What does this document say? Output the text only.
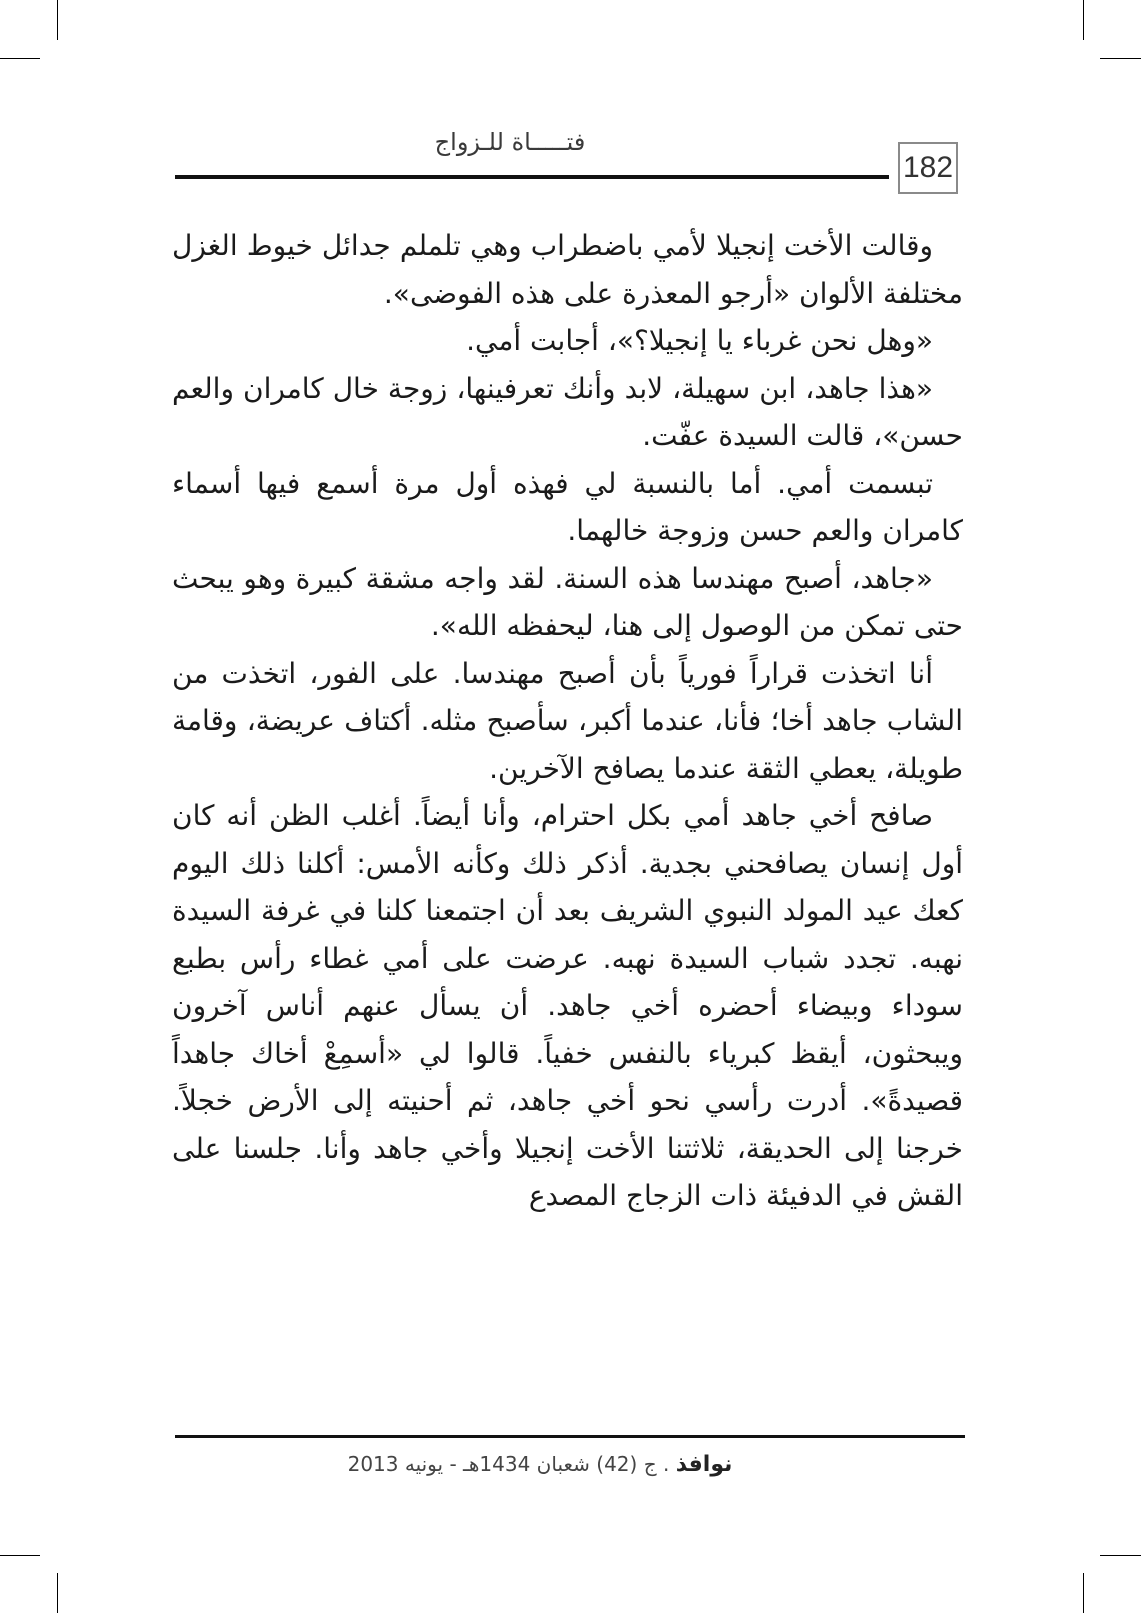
فتـــــاة للـزواج
182

وقالت الأخت إنجيلا لأمي باضطراب وهي تلملم جدائل خيوط الغزل مختلفة الألوان «أرجو المعذرة على هذه الفوضى».

«وهل نحن غرباء يا إنجيلا؟»، أجابت أمي.

«هذا جاهد، ابن سهيلة، لابد وأنك تعرفينها، زوجة خال كامران والعم حسن»، قالت السيدة عفّت.

تبسمت أمي. أما بالنسبة لي فهذه أول مرة أسمع فيها أسماء كامران والعم حسن وزوجة خالهما.

«جاهد، أصبح مهندسا هذه السنة. لقد واجه مشقة كبيرة وهو يبحث حتى تمكن من الوصول إلى هنا، ليحفظه الله».

أنا اتخذت قراراً فورياً بأن أصبح مهندسا. على الفور، اتخذت من الشاب جاهد أخا؛ فأنا، عندما أكبر، سأصبح مثله. أكتاف عريضة، وقامة طويلة، يعطي الثقة عندما يصافح الآخرين.

صافح أخي جاهد أمي بكل احترام، وأنا أيضاً. أغلب الظن أنه كان أول إنسان يصافحني بجدية. أذكر ذلك وكأنه الأمس: أكلنا ذلك اليوم كعك عيد المولد النبوي الشريف بعد أن اجتمعنا كلنا في غرفة السيدة نهبه. تجدد شباب السيدة نهبه. عرضت على أمي غطاء رأس بطبع سوداء وبيضاء أحضره أخي جاهد. أن يسأل عنهم أناس آخرون ويبحثون، أيقظ كبرياء بالنفس خفياً. قالوا لي «أسمِعْ أخاك جاهداً قصيدةً». أدرت رأسي نحو أخي جاهد، ثم أحنيته إلى الأرض خجلاً. خرجنا إلى الحديقة، ثلاثتنا الأخت إنجيلا وأخي جاهد وأنا. جلسنا على القش في الدفيئة ذات الزجاج المصدع

نوافذ . ج (42) شعبان 1434هـ - يونيه 2013
